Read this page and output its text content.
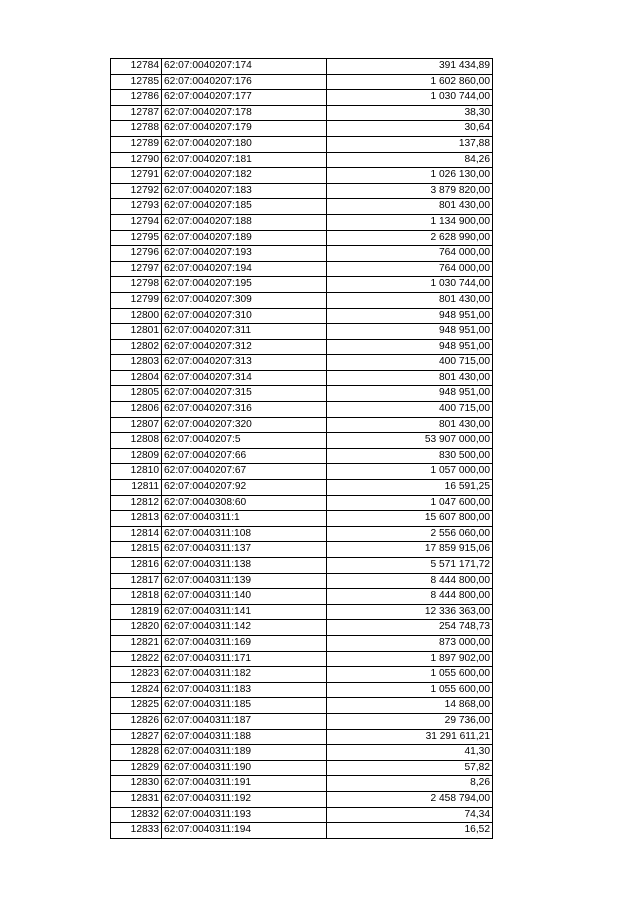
12784	62:07:0040207:174	391 434,89
12785	62:07:0040207:176	1 602 860,00
12786	62:07:0040207:177	1 030 744,00
12787	62:07:0040207:178	38,30
12788	62:07:0040207:179	30,64
12789	62:07:0040207:180	137,88
12790	62:07:0040207:181	84,26
12791	62:07:0040207:182	1 026 130,00
12792	62:07:0040207:183	3 879 820,00
12793	62:07:0040207:185	801 430,00
12794	62:07:0040207:188	1 134 900,00
12795	62:07:0040207:189	2 628 990,00
12796	62:07:0040207:193	764 000,00
12797	62:07:0040207:194	764 000,00
12798	62:07:0040207:195	1 030 744,00
12799	62:07:0040207:309	801 430,00
12800	62:07:0040207:310	948 951,00
12801	62:07:0040207:311	948 951,00
12802	62:07:0040207:312	948 951,00
12803	62:07:0040207:313	400 715,00
12804	62:07:0040207:314	801 430,00
12805	62:07:0040207:315	948 951,00
12806	62:07:0040207:316	400 715,00
12807	62:07:0040207:320	801 430,00
12808	62:07:0040207:5	53 907 000,00
12809	62:07:0040207:66	830 500,00
12810	62:07:0040207:67	1 057 000,00
12811	62:07:0040207:92	16 591,25
12812	62:07:0040308:60	1 047 600,00
12813	62:07:0040311:1	15 607 800,00
12814	62:07:0040311:108	2 556 060,00
12815	62:07:0040311:137	17 859 915,06
12816	62:07:0040311:138	5 571 171,72
12817	62:07:0040311:139	8 444 800,00
12818	62:07:0040311:140	8 444 800,00
12819	62:07:0040311:141	12 336 363,00
12820	62:07:0040311:142	254 748,73
12821	62:07:0040311:169	873 000,00
12822	62:07:0040311:171	1 897 902,00
12823	62:07:0040311:182	1 055 600,00
12824	62:07:0040311:183	1 055 600,00
12825	62:07:0040311:185	14 868,00
12826	62:07:0040311:187	29 736,00
12827	62:07:0040311:188	31 291 611,21
12828	62:07:0040311:189	41,30
12829	62:07:0040311:190	57,82
12830	62:07:0040311:191	8,26
12831	62:07:0040311:192	2 458 794,00
12832	62:07:0040311:193	74,34
12833	62:07:0040311:194	16,52
